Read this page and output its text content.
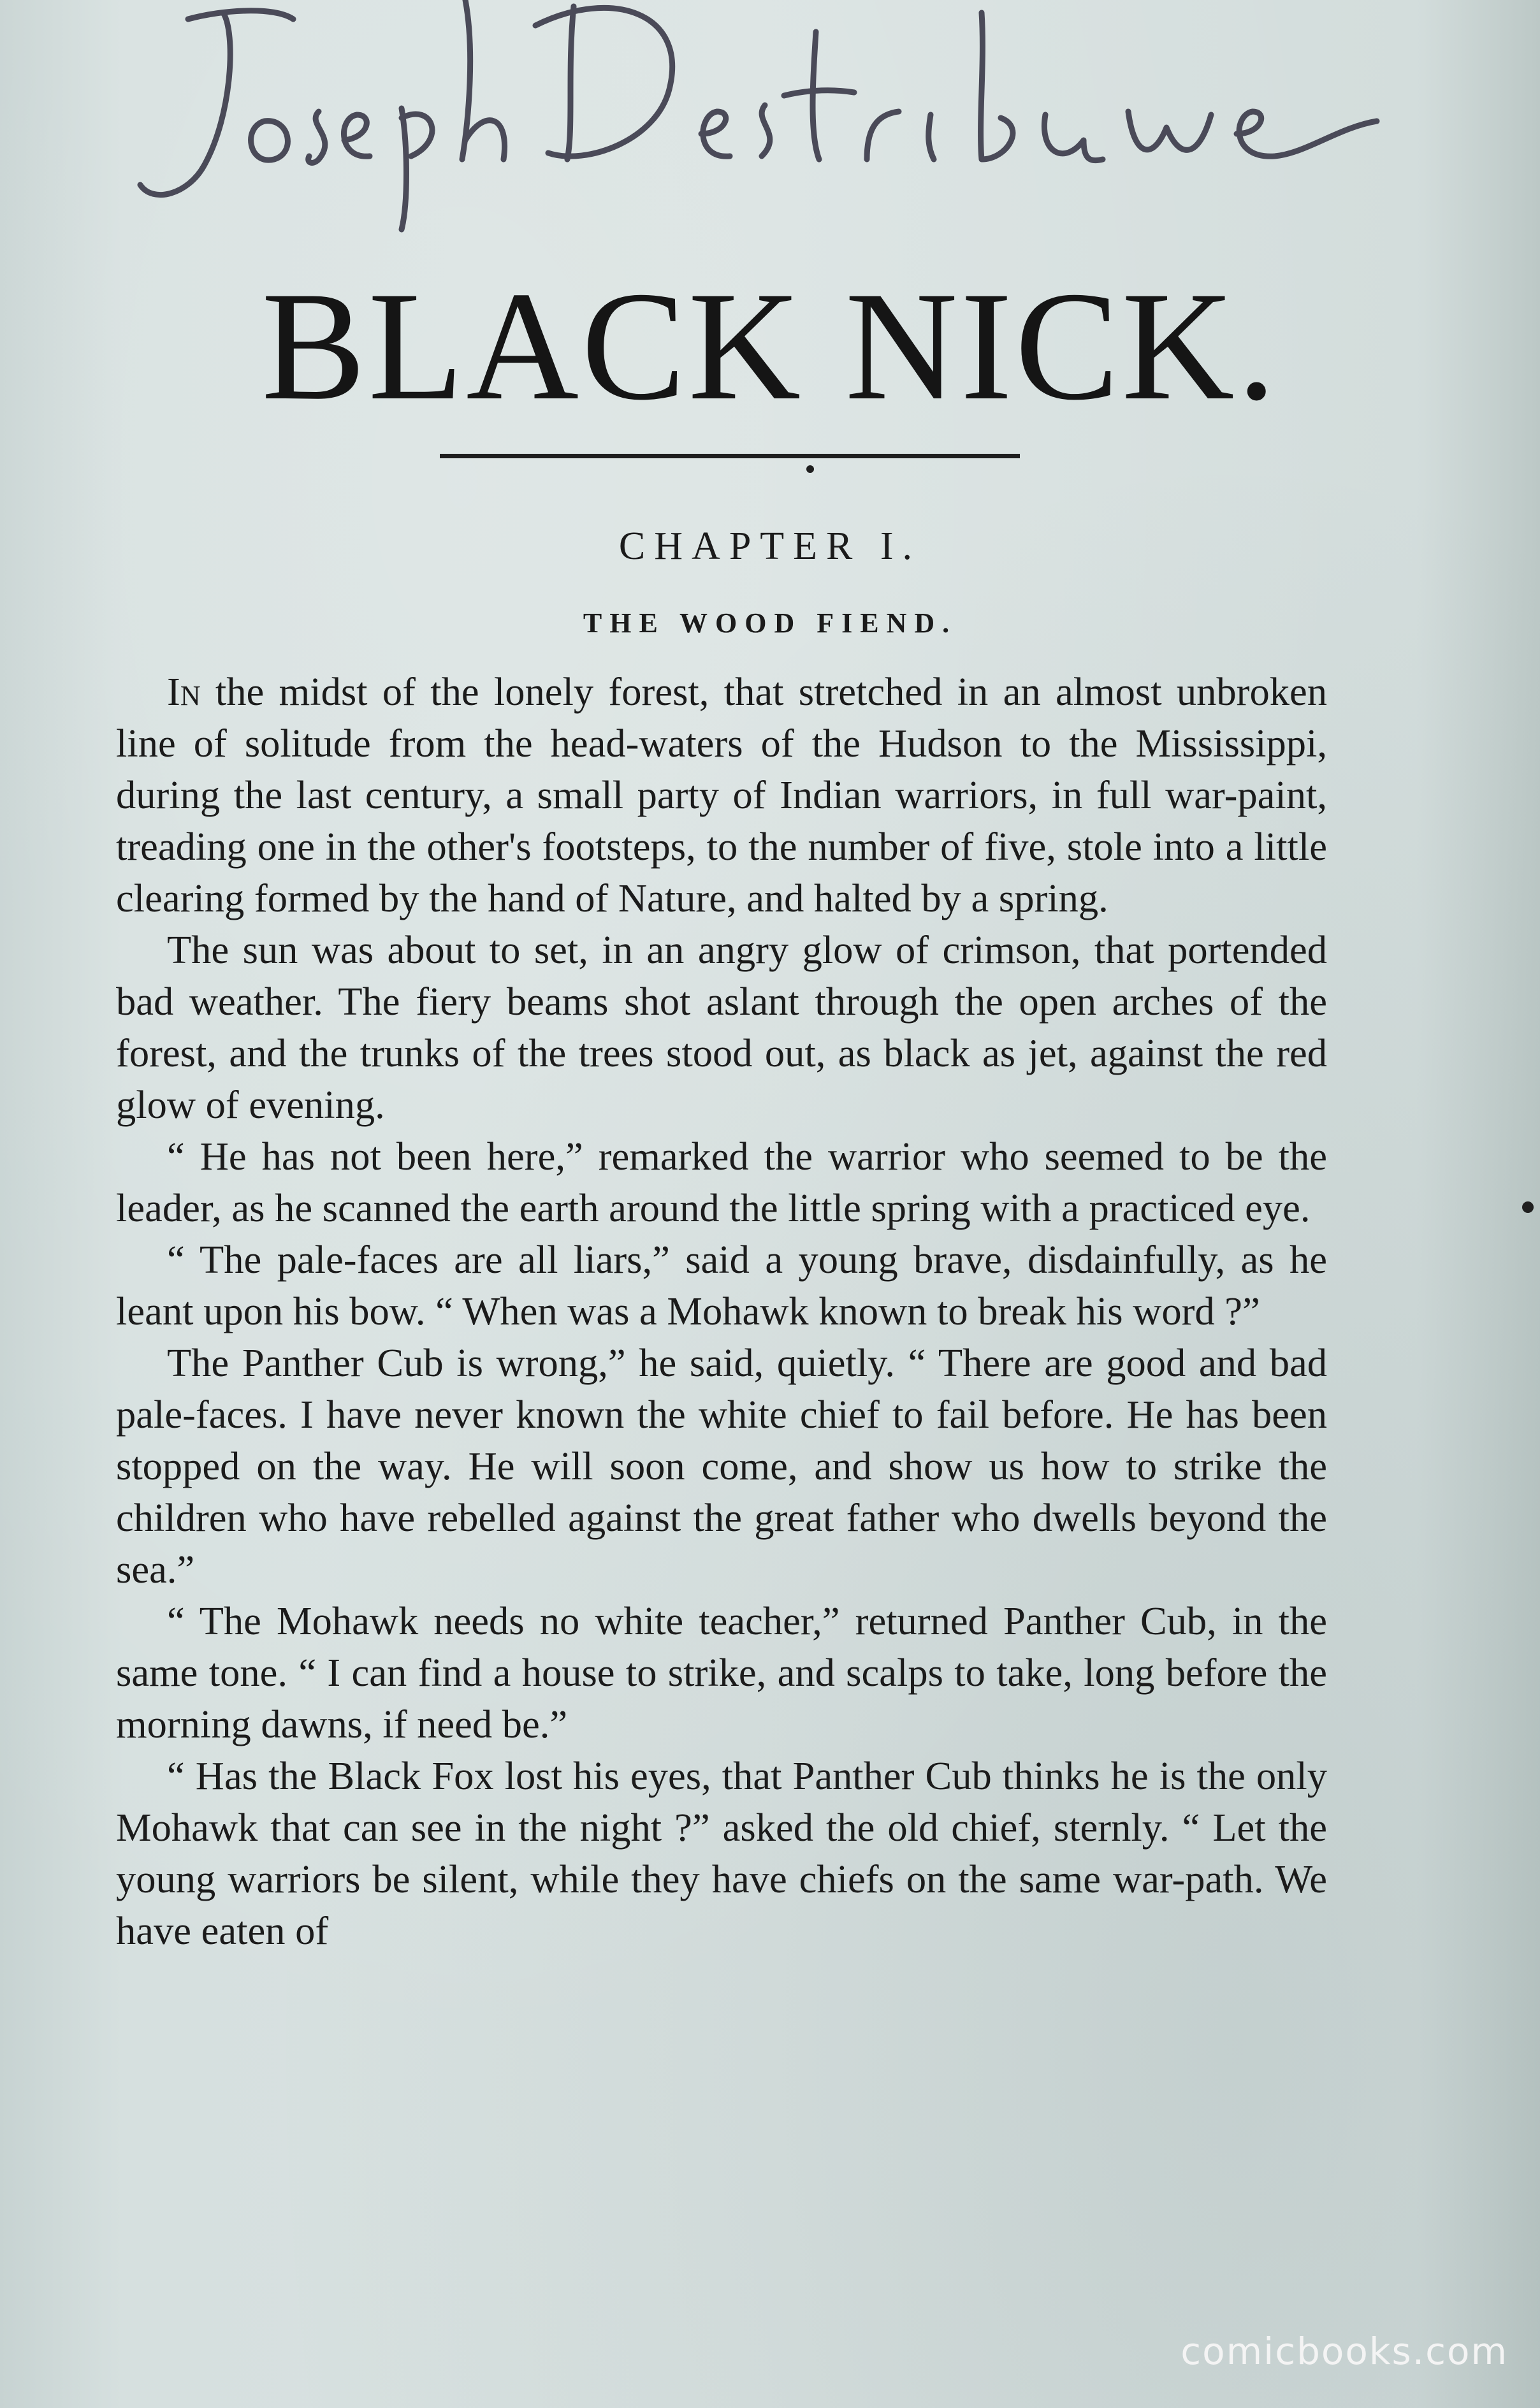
BLACK NICK.
CHAPTER I.
THE WOOD FIEND.

In the midst of the lonely forest, that stretched in an almost unbroken line of solitude from the head-waters of the Hudson to the Mississippi, during the last century, a small party of Indian warriors, in full war-paint, treading one in the other's footsteps, to the number of five, stole into a little clearing formed by the hand of Nature, and halted by a spring.

The sun was about to set, in an angry glow of crimson, that portended bad weather. The fiery beams shot aslant through the open arches of the forest, and the trunks of the trees stood out, as black as jet, against the red glow of evening.

“ He has not been here,” remarked the warrior who seemed to be the leader, as he scanned the earth around the little spring with a practiced eye.

“ The pale-faces are all liars,” said a young brave, disdainfully, as he leant upon his bow. “ When was a Mohawk known to break his word ?”

The Panther Cub is wrong,” he said, quietly. “ There are good and bad pale-faces. I have never known the white chief to fail before. He has been stopped on the way. He will soon come, and show us how to strike the children who have rebelled against the great father who dwells beyond the sea.”

“ The Mohawk needs no white teacher,” returned Panther Cub, in the same tone. “ I can find a house to strike, and scalps to take, long before the morning dawns, if need be.”

“ Has the Black Fox lost his eyes, that Panther Cub thinks he is the only Mohawk that can see in the night ?” asked the old chief, sternly. “ Let the young warriors be silent, while they have chiefs on the same war-path. We have eaten of

comicbooks.com
